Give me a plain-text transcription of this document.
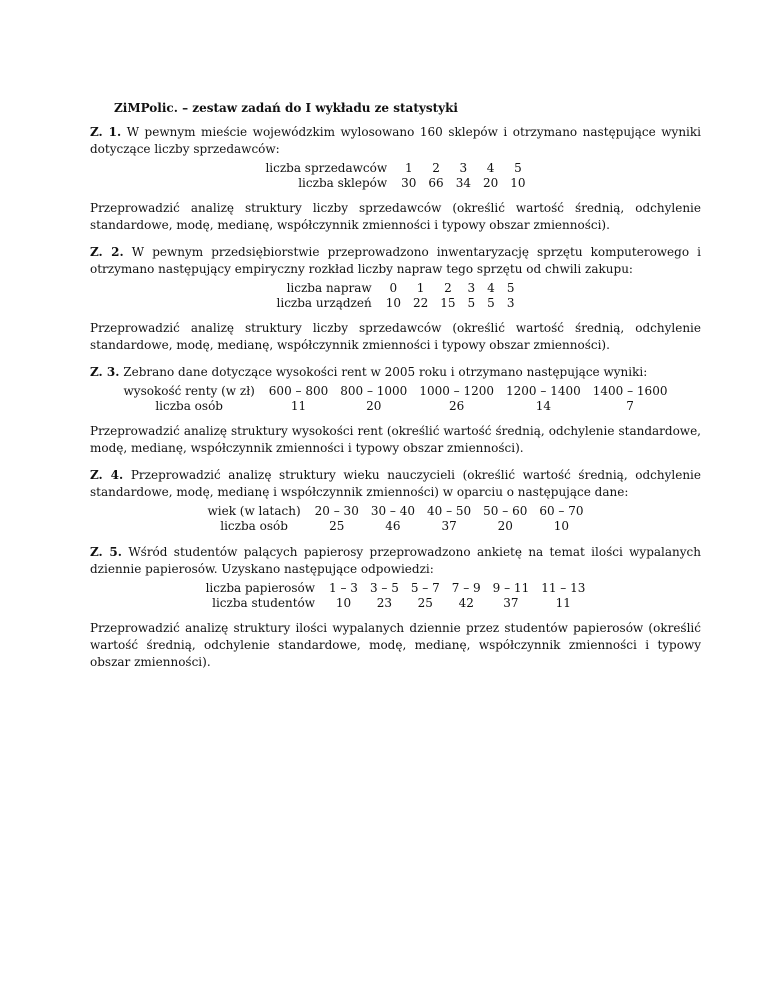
ZiMPolic. – zestaw zadań do I wykładu ze statystyki

Z. 1. W pewnym mieście wojewódzkim wylosowano 160 sklepów i otrzymano następujące wyniki dotyczące liczby sprzedawców:

liczba sprzedawców	1	2	3	4	5
liczba sklepów	30	66	34	20	10

Przeprowadzić analizę struktury liczby sprzedawców (określić wartość średnią, odchylenie standardowe, modę, medianę, współczynnik zmienności i typowy obszar zmienności).

Z. 2. W pewnym przedsiębiorstwie przeprowadzono inwentaryzację sprzętu komputerowego i otrzymano następujący empiryczny rozkład liczby napraw tego sprzętu od chwili zakupu:

liczba napraw	0	1	2	3	4	5
liczba urządzeń	10	22	15	5	5	3

Przeprowadzić analizę struktury liczby sprzedawców (określić wartość średnią, odchylenie standardowe, modę, medianę, współczynnik zmienności i typowy obszar zmienności).

Z. 3. Zebrano dane dotyczące wysokości rent w 2005 roku i otrzymano następujące wyniki:

wysokość renty (w zł)	600 – 800	800 – 1000	1000 – 1200	1200 – 1400	1400 – 1600
liczba osób	11	20	26	14	7

Przeprowadzić analizę struktury wysokości rent (określić wartość średnią, odchylenie standardowe, modę, medianę, współczynnik zmienności i typowy obszar zmienności).

Z. 4. Przeprowadzić analizę struktury wieku nauczycieli (określić wartość średnią, odchylenie standardowe, modę, medianę i współczynnik zmienności) w oparciu o następujące dane:

wiek (w latach)	20 – 30	30 – 40	40 – 50	50 – 60	60 – 70
liczba osób	25	46	37	20	10

Z. 5. Wśród studentów palących papierosy przeprowadzono ankietę na temat ilości wypalanych dziennie papierosów. Uzyskano następujące odpowiedzi:

liczba papierosów	1 – 3	3 – 5	5 – 7	7 – 9	9 – 11	11 – 13
liczba studentów	10	23	25	42	37	11

Przeprowadzić analizę struktury ilości wypalanych dziennie przez studentów papierosów (określić wartość średnią, odchylenie standardowe, modę, medianę, współczynnik zmienności i typowy obszar zmienności).
